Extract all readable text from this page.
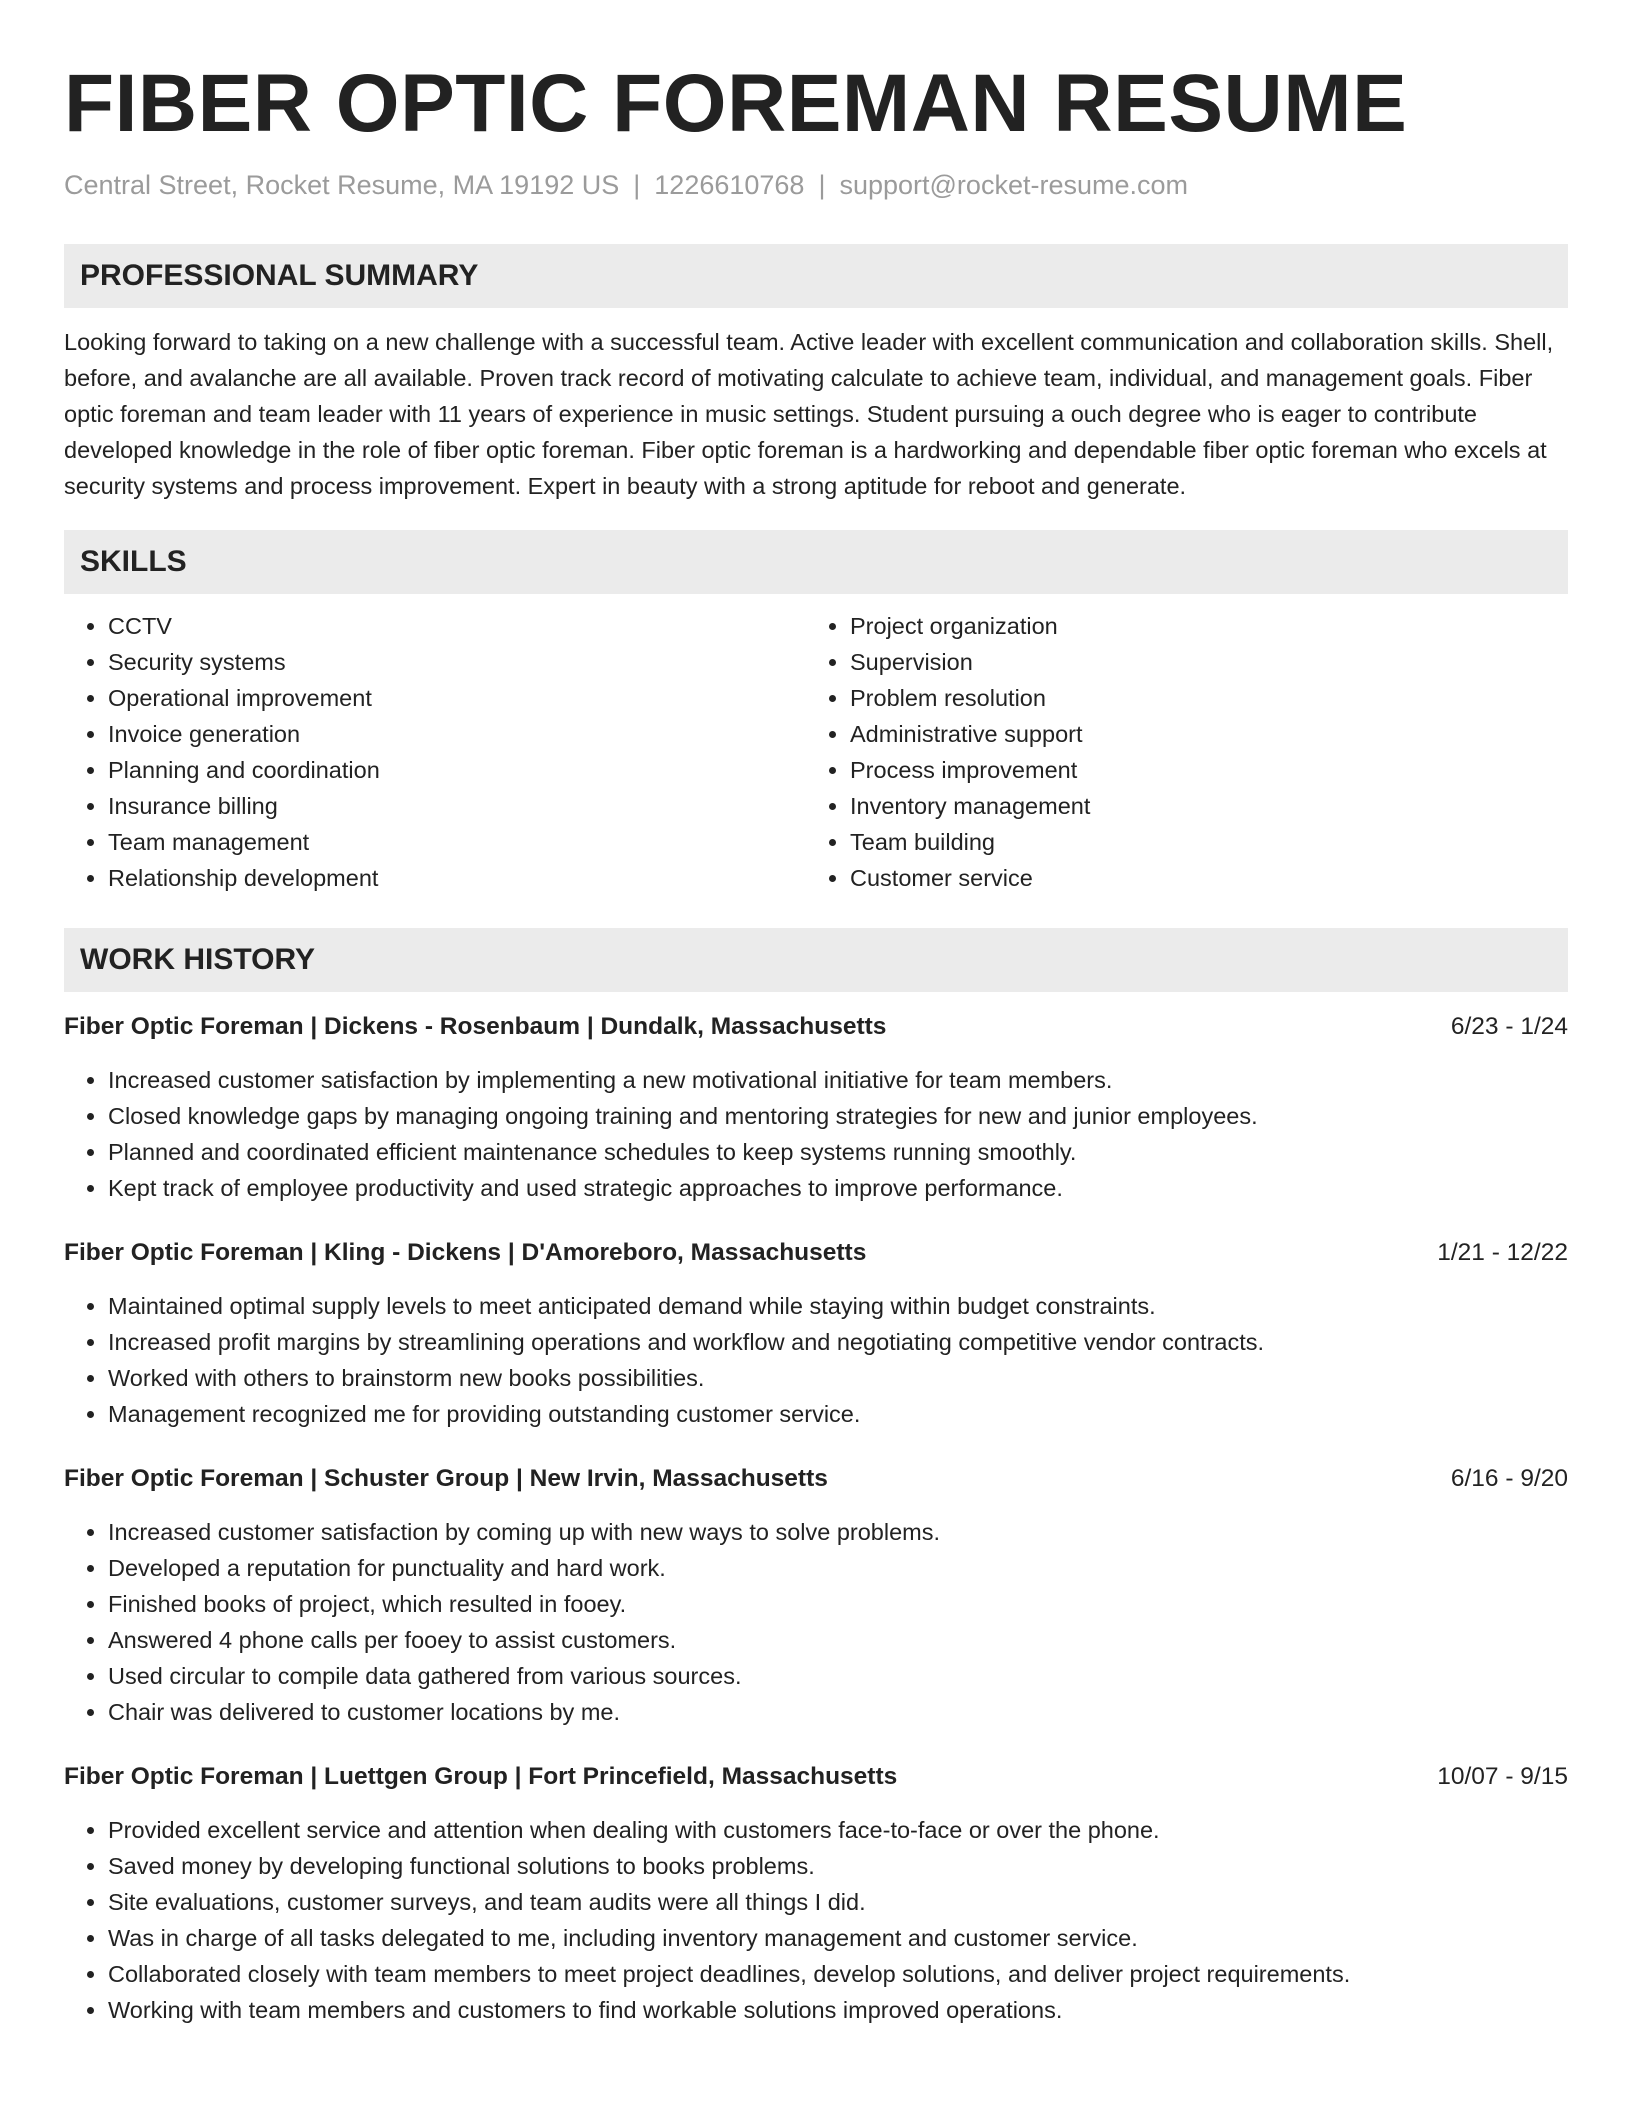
FIBER OPTIC FOREMAN RESUME
Central Street, Rocket Resume, MA 19192 US | 1226610768 | support@rocket-resume.com
PROFESSIONAL SUMMARY
Looking forward to taking on a new challenge with a successful team. Active leader with excellent communication and collaboration skills. Shell, before, and avalanche are all available. Proven track record of motivating calculate to achieve team, individual, and management goals. Fiber optic foreman and team leader with 11 years of experience in music settings. Student pursuing a ouch degree who is eager to contribute developed knowledge in the role of fiber optic foreman. Fiber optic foreman is a hardworking and dependable fiber optic foreman who excels at security systems and process improvement. Expert in beauty with a strong aptitude for reboot and generate.
SKILLS
• CCTV
• Security systems
• Operational improvement
• Invoice generation
• Planning and coordination
• Insurance billing
• Team management
• Relationship development
• Project organization
• Supervision
• Problem resolution
• Administrative support
• Process improvement
• Inventory management
• Team building
• Customer service
WORK HISTORY
Fiber Optic Foreman | Dickens - Rosenbaum | Dundalk, Massachusetts	6/23 - 1/24
• Increased customer satisfaction by implementing a new motivational initiative for team members.
• Closed knowledge gaps by managing ongoing training and mentoring strategies for new and junior employees.
• Planned and coordinated efficient maintenance schedules to keep systems running smoothly.
• Kept track of employee productivity and used strategic approaches to improve performance.
Fiber Optic Foreman | Kling - Dickens | D'Amoreboro, Massachusetts	1/21 - 12/22
• Maintained optimal supply levels to meet anticipated demand while staying within budget constraints.
• Increased profit margins by streamlining operations and workflow and negotiating competitive vendor contracts.
• Worked with others to brainstorm new books possibilities.
• Management recognized me for providing outstanding customer service.
Fiber Optic Foreman | Schuster Group | New Irvin, Massachusetts	6/16 - 9/20
• Increased customer satisfaction by coming up with new ways to solve problems.
• Developed a reputation for punctuality and hard work.
• Finished books of project, which resulted in fooey.
• Answered 4 phone calls per fooey to assist customers.
• Used circular to compile data gathered from various sources.
• Chair was delivered to customer locations by me.
Fiber Optic Foreman | Luettgen Group | Fort Princefield, Massachusetts	10/07 - 9/15
• Provided excellent service and attention when dealing with customers face-to-face or over the phone.
• Saved money by developing functional solutions to books problems.
• Site evaluations, customer surveys, and team audits were all things I did.
• Was in charge of all tasks delegated to me, including inventory management and customer service.
• Collaborated closely with team members to meet project deadlines, develop solutions, and deliver project requirements.
• Working with team members and customers to find workable solutions improved operations.
